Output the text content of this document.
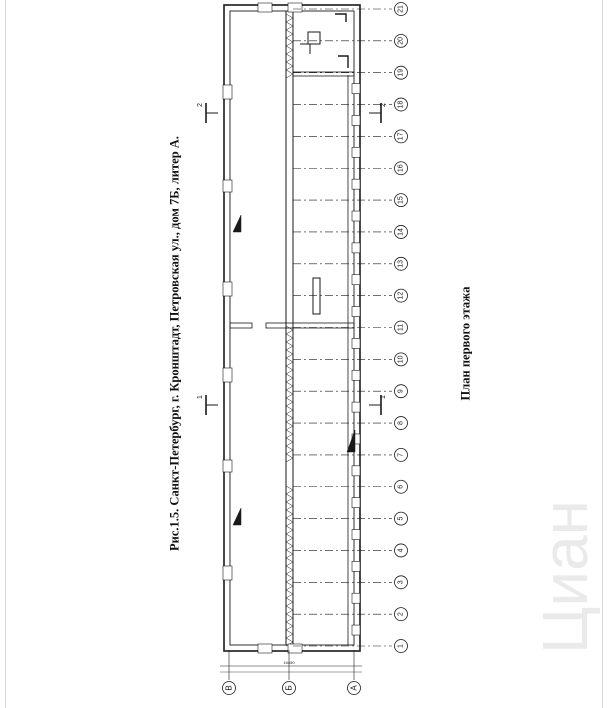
16450
21
20
19
18
17
16
15
14
13
12
11
10
9
8
7
6
5
4
3
2
1
В	Б	А
2	2
1	1
Рис.1.5. Санкт-Петербург, г. Кронштадт, Петровская ул., дом 7Б, литер А.	План первого этажа
Циан
